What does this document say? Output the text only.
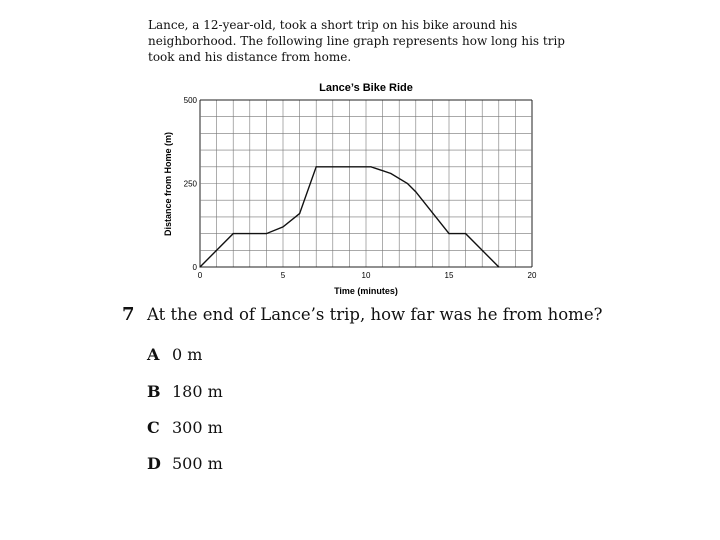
Lance, a 12-year-old, took a short trip on his bike around his neighborhood. The following line graph represents how long his trip took and his distance from home.
Lance’s Bike Ride
0	5	10	15	20
0
250
500
Time (minutes)
Distance from Home (m)
7 At the end of Lance’s trip, how far was he from home?
A 0 m
B 180 m
C 300 m
D 500 m
